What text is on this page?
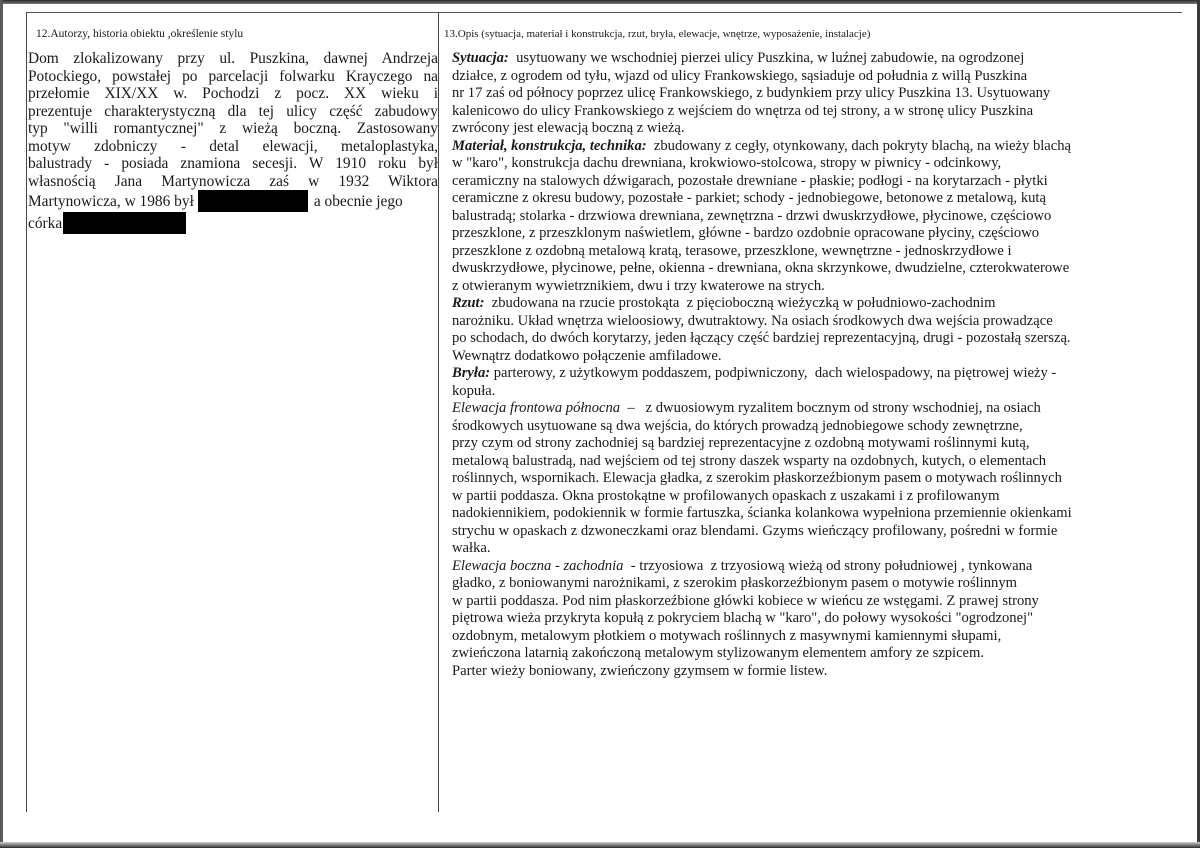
12.Autorzy, historia obiektu ,określenie stylu
Dom zlokalizowany przy ul. Puszkina, dawnej Andrzeja
Potockiego, powstałej po parcelacji folwarku Krayczego na
przełomie XIX/XX w. Pochodzi z pocz. XX wieku i
prezentuje charakterystyczną dla tej ulicy część zabudowy
typ "willi romantycznej" z wieżą boczną. Zastosowany
motyw zdobniczy - detal elewacji, metaloplastyka,
balustrady - posiada znamiona secesji. W 1910 roku był
własnością Jana Martynowicza zaś w 1932 Wiktora
Martynowicza, w 1986 był	a obecnie jego
córka
13.Opis (sytuacja, materiał i konstrukcja, rzut, bryła, elewacje, wnętrze, wyposażenie, instalacje)
Sytuacja:  usytuowany we wschodniej pierzei ulicy Puszkina, w luźnej zabudowie, na ogrodzonej
działce, z ogrodem od tyłu, wjazd od ulicy Frankowskiego, sąsiaduje od południa z willą Puszkina
nr 17 zaś od północy poprzez ulicę Frankowskiego, z budynkiem przy ulicy Puszkina 13. Usytuowany
kalenicowo do ulicy Frankowskiego z wejściem do wnętrza od tej strony, a w stronę ulicy Puszkina
zwrócony jest elewacją boczną z wieżą.
Materiał, konstrukcja, technika:  zbudowany z cegły, otynkowany, dach pokryty blachą, na wieży blachą
w "karo", konstrukcja dachu drewniana, krokwiowo-stolcowa, stropy w piwnicy - odcinkowy,
ceramiczny na stalowych dźwigarach, pozostałe drewniane - płaskie; podłogi - na korytarzach - płytki
ceramiczne z okresu budowy, pozostałe - parkiet; schody - jednobiegowe, betonowe z metalową, kutą
balustradą; stolarka - drzwiowa drewniana, zewnętrzna - drzwi dwuskrzydłowe, płycinowe, częściowo
przeszklone, z przeszklonym naświetlem, główne - bardzo ozdobnie opracowane płyciny, częściowo
przeszklone z ozdobną metalową kratą, terasowe, przeszklone, wewnętrzne - jednoskrzydłowe i
dwuskrzydłowe, płycinowe, pełne, okienna - drewniana, okna skrzynkowe, dwudzielne, czterokwaterowe
z otwieranym wywietrznikiem, dwu i trzy kwaterowe na strych.
Rzut:  zbudowana na rzucie prostokąta  z pięcioboczną wieżyczką w południowo-zachodnim
narożniku. Układ wnętrza wieloosiowy, dwutraktowy. Na osiach środkowych dwa wejścia prowadzące
po schodach, do dwóch korytarzy, jeden łączący część bardziej reprezentacyjną, drugi - pozostałą szerszą.
Wewnątrz dodatkowo połączenie amfiladowe.
Bryła: parterowy, z użytkowym poddaszem, podpiwniczony,  dach wielospadowy, na piętrowej wieży -
kopuła.
Elewacja frontowa północna  –   z dwuosiowym ryzalitem bocznym od strony wschodniej, na osiach
środkowych usytuowane są dwa wejścia, do których prowadzą jednobiegowe schody zewnętrzne,
przy czym od strony zachodniej są bardziej reprezentacyjne z ozdobną motywami roślinnymi kutą,
metalową balustradą, nad wejściem od tej strony daszek wsparty na ozdobnych, kutych, o elementach
roślinnych, wspornikach. Elewacja gładka, z szerokim płaskorzeźbionym pasem o motywach roślinnych
w partii poddasza. Okna prostokątne w profilowanych opaskach z uszakami i z profilowanym
nadokiennikiem, podokiennik w formie fartuszka, ścianka kolankowa wypełniona przemiennie okienkami
strychu w opaskach z dzwoneczkami oraz blendami. Gzyms wieńczący profilowany, pośredni w formie
wałka.
Elewacja boczna - zachodnia  - trzyosiowa  z trzyosiową wieżą od strony południowej , tynkowana
gładko, z boniowanymi narożnikami, z szerokim płaskorzeźbionym pasem o motywie roślinnym
w partii poddasza. Pod nim płaskorzeźbione główki kobiece w wieńcu ze wstęgami. Z prawej strony
piętrowa wieża przykryta kopułą z pokryciem blachą w "karo", do połowy wysokości "ogrodzonej"
ozdobnym, metalowym płotkiem o motywach roślinnych z masywnymi kamiennymi słupami,
zwieńczona latarnią zakończoną metalowym stylizowanym elementem amfory ze szpicem.
Parter wieży boniowany, zwieńczony gzymsem w formie listew.
